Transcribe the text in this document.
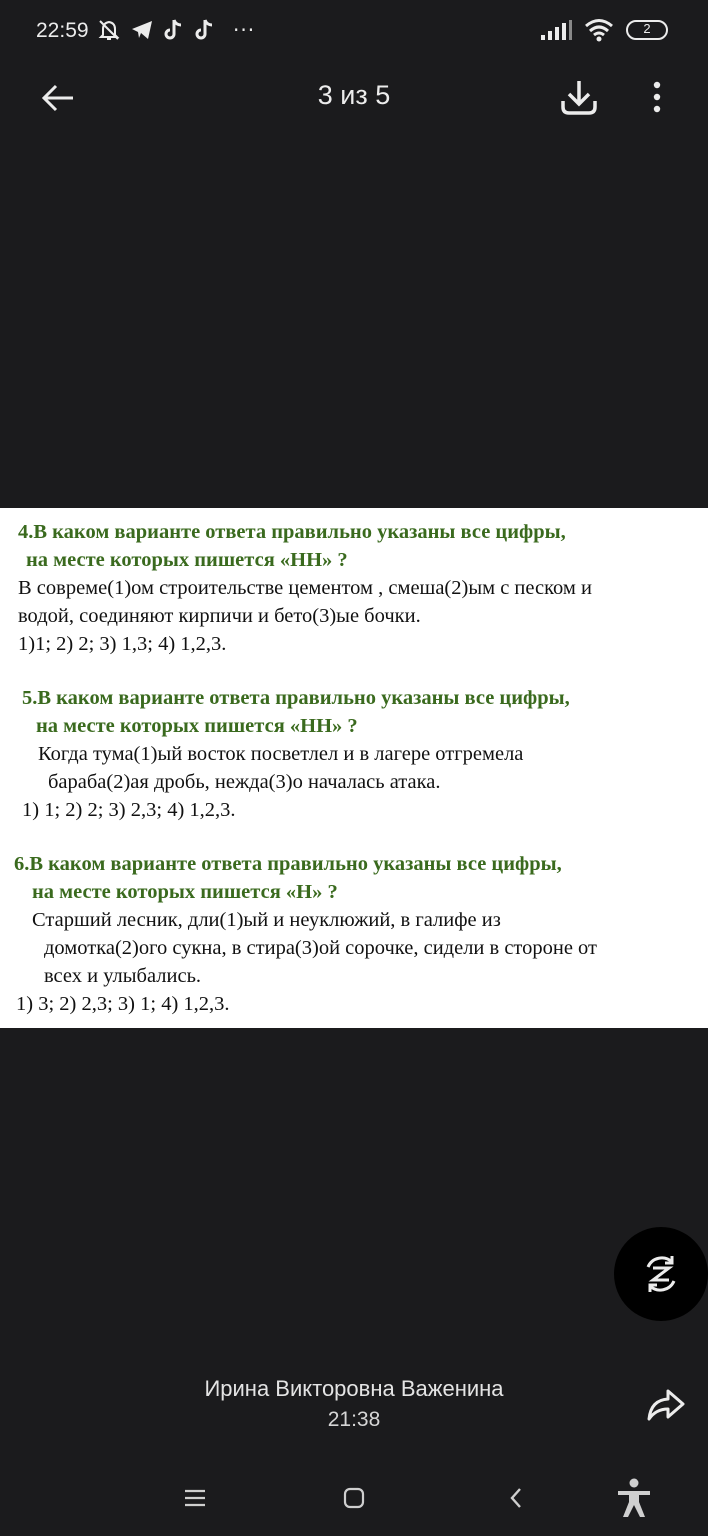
22:59	···	2
3 из 5
4.В каком варианте ответа правильно указаны все цифры,
на месте которых пишется «НН» ?
В совреме(1)ом строительстве цементом , смеша(2)ым с песком и
водой, соединяют кирпичи и бето(3)ые бочки.
1)1; 2) 2; 3) 1,3; 4) 1,2,3.
5.В каком варианте ответа правильно указаны все цифры,
на месте которых пишется «НН» ?
Когда тума(1)ый восток посветлел и в лагере отгремела
бараба(2)ая дробь, нежда(3)о началась атака.
1) 1; 2) 2; 3) 2,3; 4) 1,2,3.
6.В каком варианте ответа правильно указаны все цифры,
на месте которых пишется «Н» ?
Старший лесник, дли(1)ый и неуклюжий, в галифе из
домотка(2)ого сукна, в стира(3)ой сорочке, сидели в стороне от
всех и улыбались.
1) 3; 2) 2,3; 3) 1; 4) 1,2,3.
Ирина Викторовна Важенина
21:38
